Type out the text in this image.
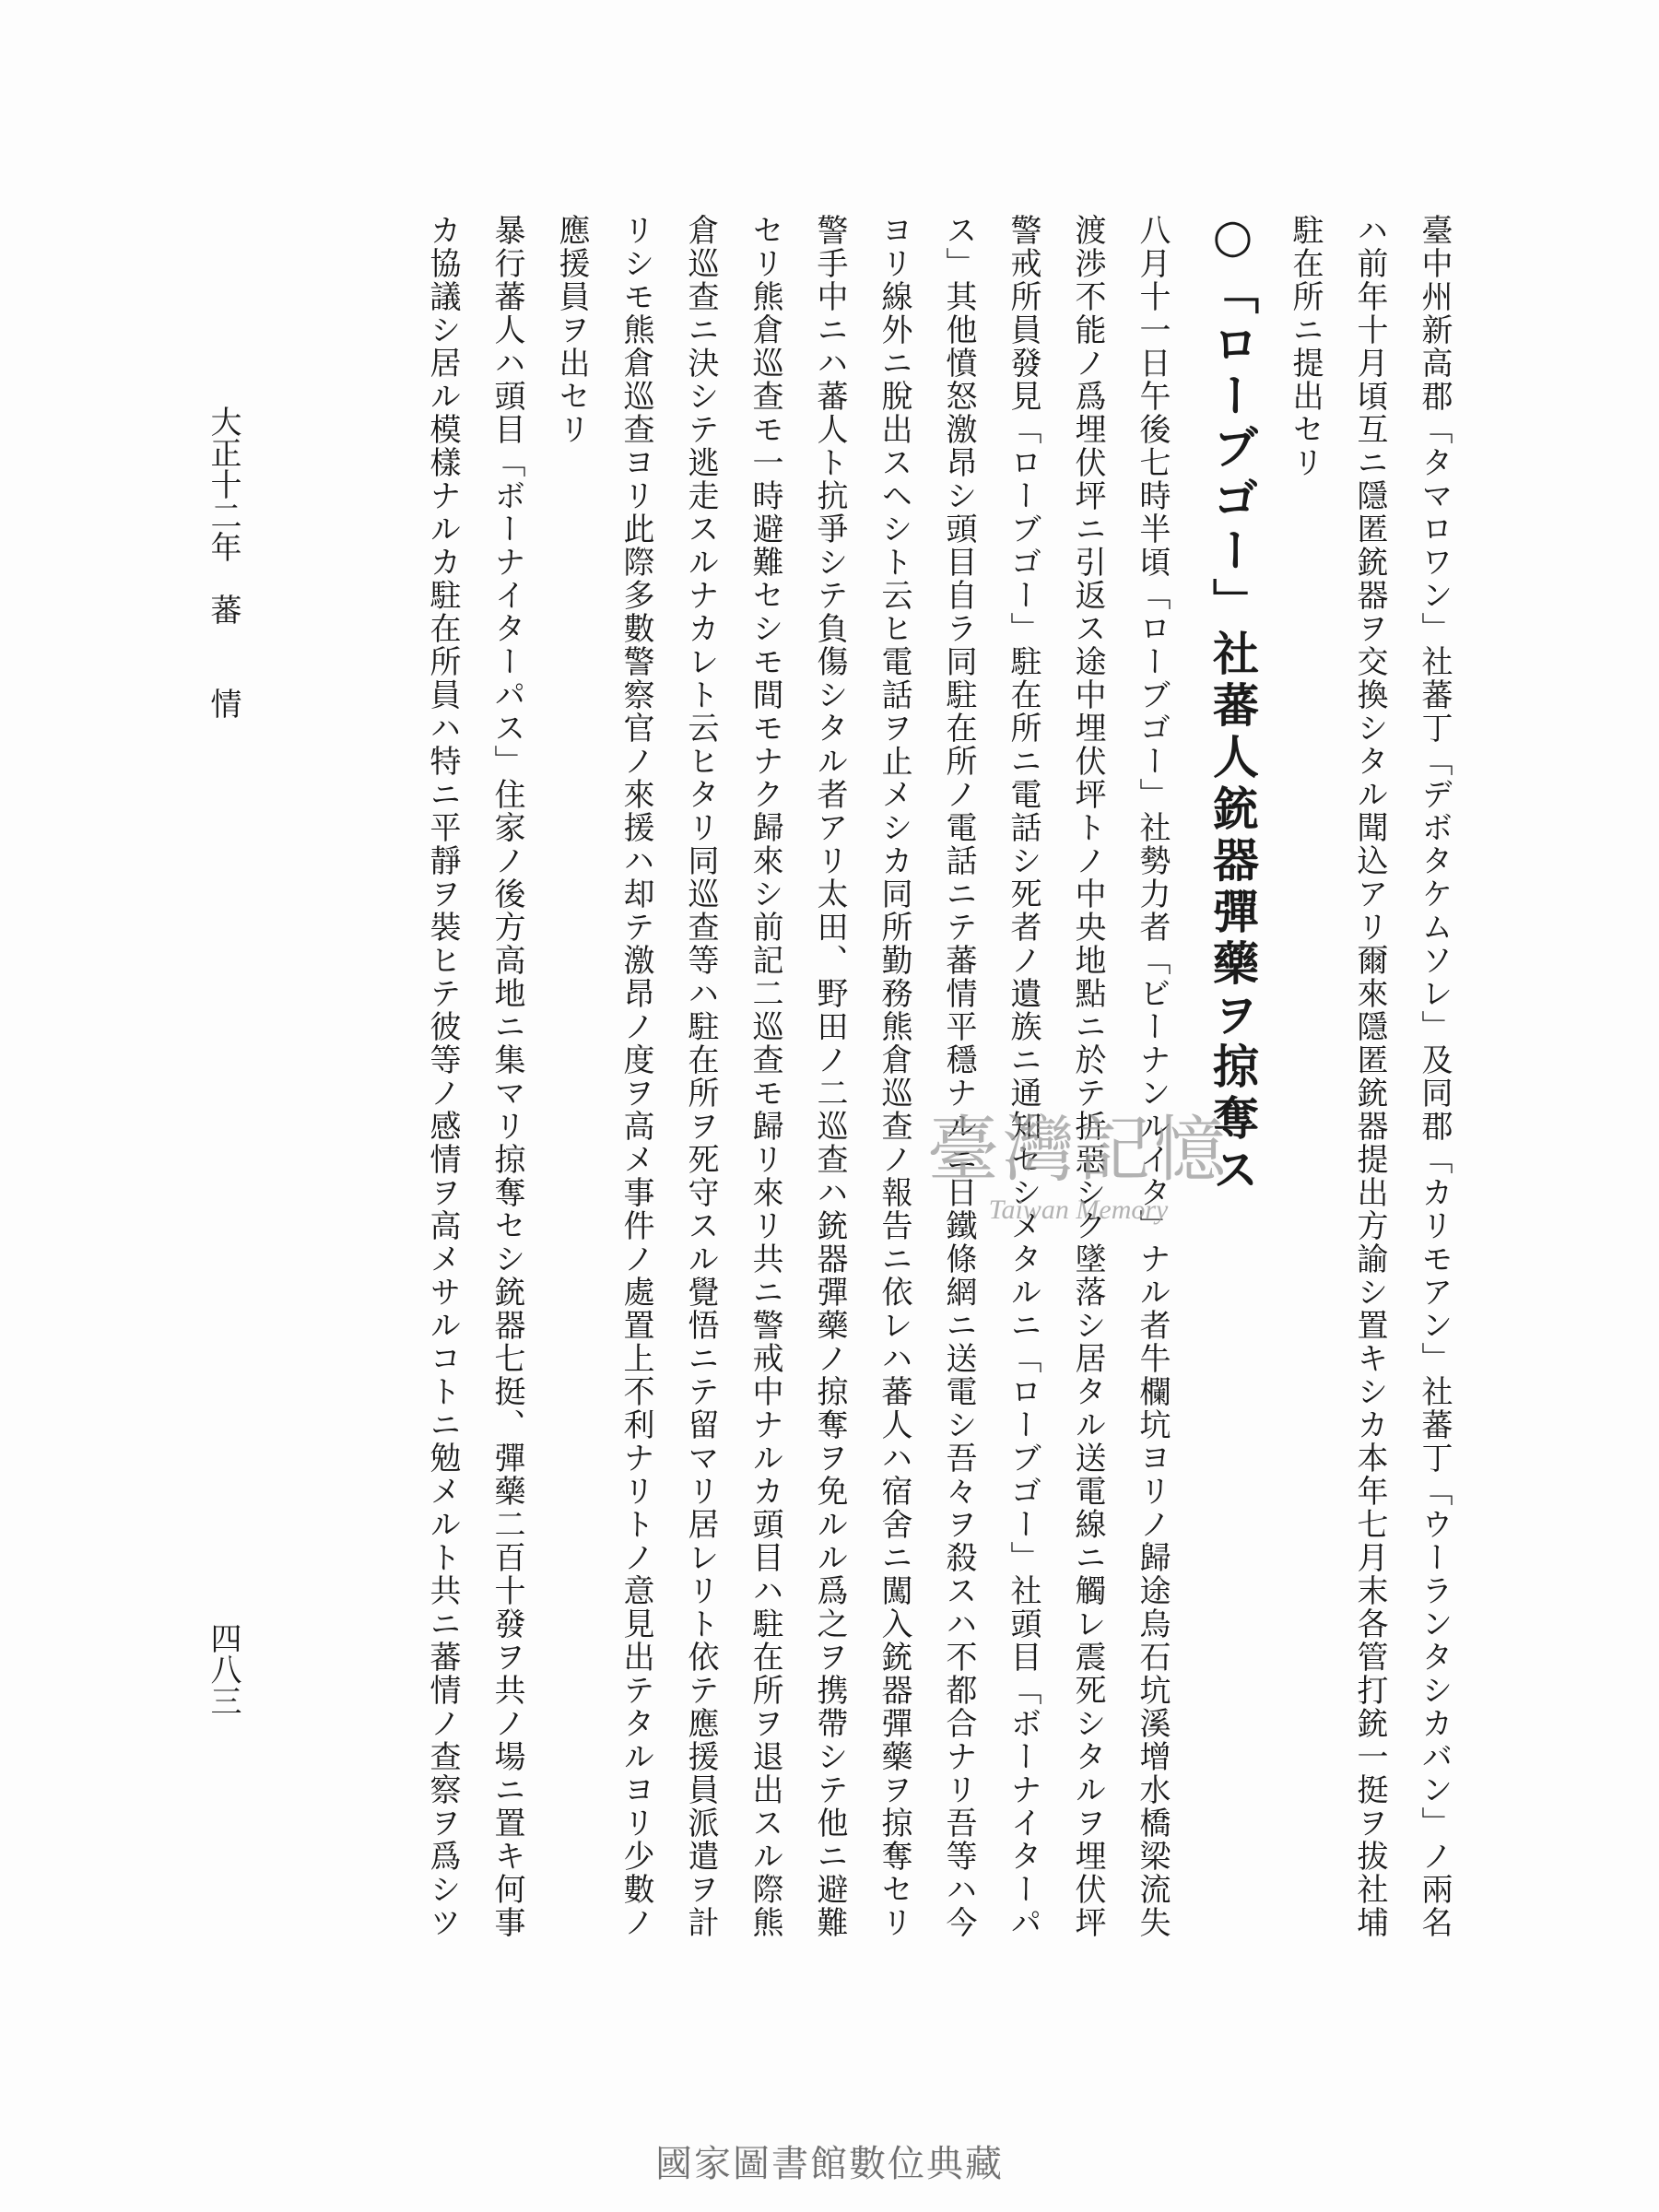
臺中州新高郡「タマロワン」社蕃丁「デボタケムソレ」及同郡「カリモアン」社蕃丁「ウーランタシカバン」ノ兩名
ハ前年十月頃互ニ隱匿銃器ヲ交換シタル聞込アリ爾來隱匿銃器提出方諭シ置キシカ本年七月末各管打銃一挺ヲ拔社埔
駐在所ニ提出セリ
○「ローブゴー」社蕃人銃器彈藥ヲ掠奪ス
八月十一日午後七時半頃「ローブゴー」社勢力者「ビーナンルイタ」ナル者牛欄坑ヨリノ歸途烏石坑溪增水橋梁流失
渡渉不能ノ爲埋伏坪ニ引返ス途中埋伏坪トノ中央地點ニ於テ折惡シク墜落シ居タル送電線ニ觸レ震死シタルヲ埋伏坪
警戒所員發見「ローブゴー」駐在所ニ電話シ死者ノ遺族ニ通知セシメタルニ「ローブゴー」社頭目「ボーナイターパ
ス」其他憤怒激昂シ頭目自ラ同駐在所ノ電話ニテ蕃情平穩ナルニ日鐵條網ニ送電シ吾々ヲ殺スハ不都合ナリ吾等ハ今
ヨリ線外ニ脫出スヘシト云ヒ電話ヲ止メシカ同所勤務熊倉巡查ノ報告ニ依レハ蕃人ハ宿舍ニ闖入銃器彈藥ヲ掠奪セリ
警手中ニハ蕃人ト抗爭シテ負傷シタル者アリ太田、野田ノ二巡查ハ銃器彈藥ノ掠奪ヲ免ルル爲之ヲ携帶シテ他ニ避難
セリ熊倉巡查モ一時避難セシモ間モナク歸來シ前記二巡查モ歸リ來リ共ニ警戒中ナルカ頭目ハ駐在所ヲ退出スル際熊
倉巡查ニ決シテ逃走スルナカレト云ヒタリ同巡查等ハ駐在所ヲ死守スル覺悟ニテ留マリ居レリト依テ應援員派遣ヲ計
リシモ熊倉巡查ヨリ此際多數警察官ノ來援ハ却テ激昂ノ度ヲ高メ事件ノ處置上不利ナリトノ意見出テタルヨリ少數ノ
應援員ヲ出セリ
暴行蕃人ハ頭目「ボーナイターパス」住家ノ後方高地ニ集マリ掠奪セシ銃器七挺、彈藥二百十發ヲ共ノ場ニ置キ何事
カ協議シ居ル模樣ナルカ駐在所員ハ特ニ平靜ヲ裝ヒテ彼等ノ感情ヲ高メサルコトニ勉メルト共ニ蕃情ノ查察ヲ爲シツ
大正十二年　蕃　　情
四八三
臺灣記憶
Taiwan Memory
國家圖書館數位典藏
